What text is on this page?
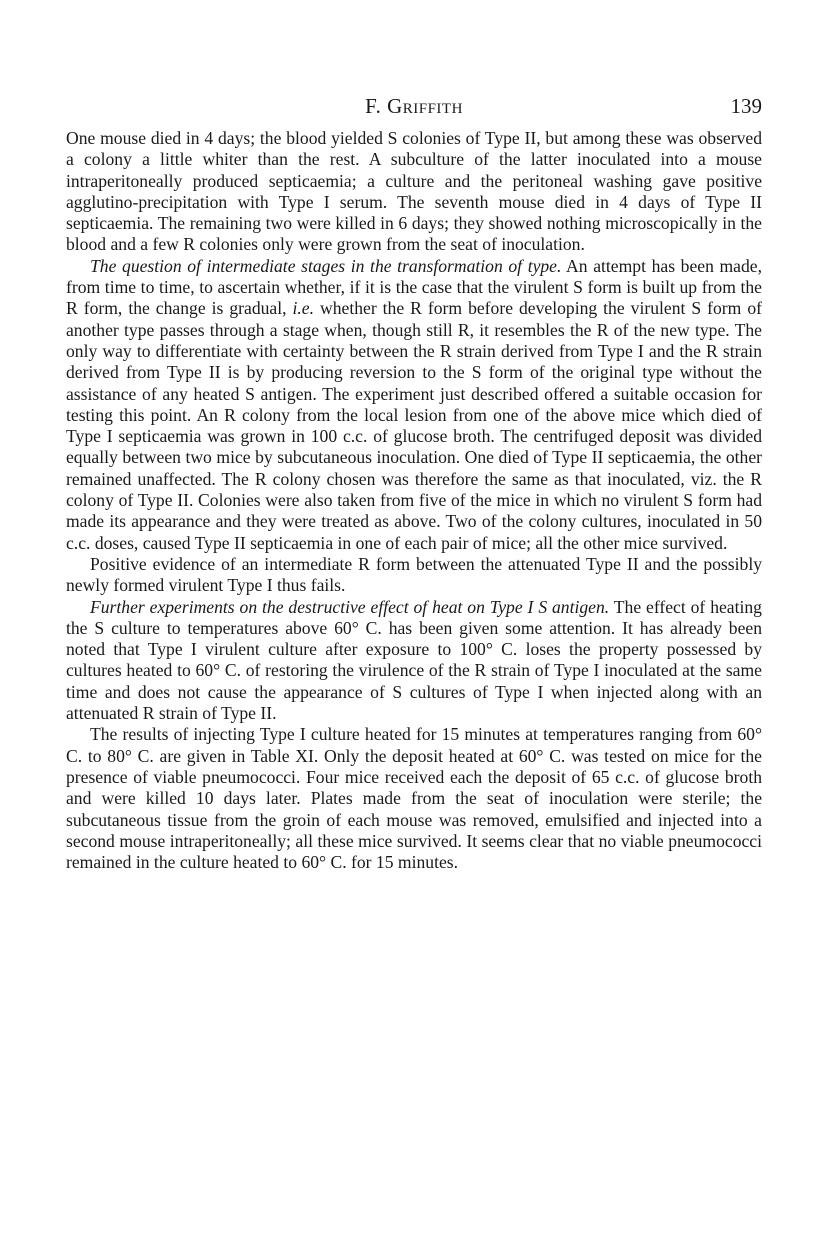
F. Griffith	139

One mouse died in 4 days; the blood yielded S colonies of Type II, but among these was observed a colony a little whiter than the rest. A subculture of the latter inoculated into a mouse intraperitoneally produced septicaemia; a culture and the peritoneal washing gave positive agglutino-precipitation with Type I serum. The seventh mouse died in 4 days of Type II septicaemia. The remaining two were killed in 6 days; they showed nothing microscopically in the blood and a few R colonies only were grown from the seat of inoculation.

The question of intermediate stages in the transformation of type. An attempt has been made, from time to time, to ascertain whether, if it is the case that the virulent S form is built up from the R form, the change is gradual, i.e. whether the R form before developing the virulent S form of another type passes through a stage when, though still R, it resembles the R of the new type. The only way to differentiate with certainty between the R strain derived from Type I and the R strain derived from Type II is by producing reversion to the S form of the original type without the assistance of any heated S antigen. The experiment just described offered a suitable occasion for testing this point. An R colony from the local lesion from one of the above mice which died of Type I septicaemia was grown in 100 c.c. of glucose broth. The centrifuged deposit was divided equally between two mice by subcutaneous inoculation. One died of Type II septicaemia, the other remained unaffected. The R colony chosen was therefore the same as that inoculated, viz. the R colony of Type II. Colonies were also taken from five of the mice in which no virulent S form had made its appearance and they were treated as above. Two of the colony cultures, inoculated in 50 c.c. doses, caused Type II septicaemia in one of each pair of mice; all the other mice survived.

Positive evidence of an intermediate R form between the attenuated Type II and the possibly newly formed virulent Type I thus fails.

Further experiments on the destructive effect of heat on Type I S antigen. The effect of heating the S culture to temperatures above 60° C. has been given some attention. It has already been noted that Type I virulent culture after exposure to 100° C. loses the property possessed by cultures heated to 60° C. of restoring the virulence of the R strain of Type I inoculated at the same time and does not cause the appearance of S cultures of Type I when injected along with an attenuated R strain of Type II.

The results of injecting Type I culture heated for 15 minutes at temperatures ranging from 60° C. to 80° C. are given in Table XI. Only the deposit heated at 60° C. was tested on mice for the presence of viable pneumococci. Four mice received each the deposit of 65 c.c. of glucose broth and were killed 10 days later. Plates made from the seat of inoculation were sterile; the subcutaneous tissue from the groin of each mouse was removed, emulsified and injected into a second mouse intraperitoneally; all these mice survived. It seems clear that no viable pneumococci remained in the culture heated to 60° C. for 15 minutes.
